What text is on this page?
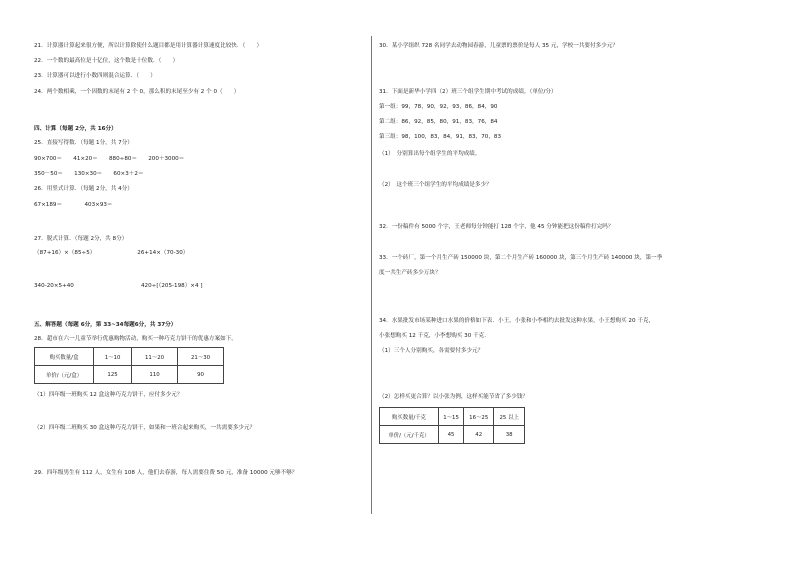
21．计算器计算起来很方便，所以计算除使什么题目都是用计算器计算速度比较快．（　　）
22．一个数的最高位是十亿位，这个数是十位数．（　　）
23．计算器可以进行小数四则混合运算．（　　）
24．两个数相乘，一个因数的末尾有 2 个 0，那么积的末尾至少有 2 个 0（　　）
四、计算（每题 2分，共 16分）
25．直接写得数．（每题 1分，共 7分）
90×700＝　　41×20＝　　880÷80＝　　200＋3000＝
350－50＝　　130×30＝　　60×3＋2＝
26．用竖式计算．（每题 2分，共 4分）
67×189＝　　　　403×93＝
27．脱式计算．（每题 2分，共 8分）
（87+16）×（85÷5）　　　　　　　　26+14×（70-30）
340-20×5+40　　　　　　　　　　　　420÷[（205-198）×4 ]
五、解答题（每题 6分，第 33~34每题6分，共 37分）
28．超市在六一儿童节举行优惠购物活动，购买一种巧克力饼干的优惠方案如下。
购买数量/盒	1～10	11～20	21～30
单价/（元/盒）	125	110	90
（1）四年级一班购买 12 盒这种巧克力饼干，应付多少元？
（2）四年级二班购买 30 盒这种巧克力饼干，如果和一班合起来购买，一共需要多少元？
29．四年级男生有 112 人，女生有 108 人，他们去春游，每人需要住费 50 元，准备 10000 元够不够？
30．某小学组织 728 名同学去动物园春游，儿童票的票价是每人 35 元，学校一共要付多少元？
31．下面是新华小学四（2）班三个组学生期中考试的成绩。（单位/分）
第一组：99，78，90，92，93，86，84，90
第二组：86，92，85，80，91，83，76，84
第三组：98，100，83，84，91，83，70，83
（1）　分别算出每个组学生的平均成绩。
（2）　这个班三个组学生的平均成绩是多少？
32．一份稿件有 5000 个字，王老师每分钟能打 128 个字，他 45 分钟能把这份稿件打完吗？
33．一个砖厂，第一个月生产砖 150000 块，第二个月生产砖 160000 块，第三个月生产砖 140000 块，第一季
度一共生产砖多少万块？
34．水果批发市场某种进口水果的价格如下表．小王，小张和小李相约去批发这种水果，小王想购买 20 千克，
小张想购买 12 千克，小李想购买 30 千克．
（1）三个人分别购买，各需要付多少元？
（2）怎样买更合算？以小张为例，这样买能节省了多少钱？
购买数量/千克	1～15	16～25	25 以上
单价/（元/千克）	45	42	38
